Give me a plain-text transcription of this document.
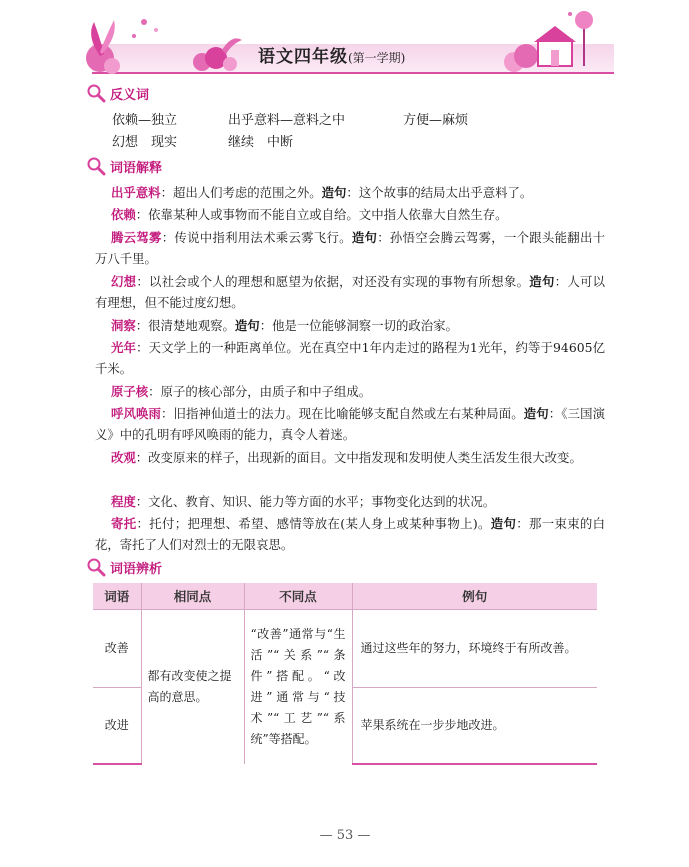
语文四年级(第一学期)
反义词
依赖—独立	出乎意料—意料之中	方便—麻烦
幻想　现实	继续　中断
词语解释
出乎意料：超出人们考虑的范围之外。造句：这个故事的结局太出乎意料了。
依赖：依靠某种人或事物而不能自立或自给。文中指人依靠大自然生存。
腾云驾雾：传说中指利用法术乘云雾飞行。造句：孙悟空会腾云驾雾，一个跟头能翻出十万八千里。
幻想：以社会或个人的理想和愿望为依据，对还没有实现的事物有所想象。造句：人可以有理想，但不能过度幻想。
洞察：很清楚地观察。造句：他是一位能够洞察一切的政治家。
光年：天文学上的一种距离单位。光在真空中1年内走过的路程为1光年，约等于94605亿千米。
原子核：原子的核心部分，由质子和中子组成。
呼风唤雨：旧指神仙道士的法力。现在比喻能够支配自然或左右某种局面。造句：《三国演义》中的孔明有呼风唤雨的能力，真令人着迷。
改观：改变原来的样子，出现新的面目。文中指发现和发明使人类生活发生很大改变。
程度：文化、教育、知识、能力等方面的水平；事物变化达到的状况。
寄托：托付；把理想、希望、感情等放在(某人身上或某种事物上)。造句：那一束束的白花，寄托了人们对烈士的无限哀思。
词语辨析
词语	相同点	不同点	例句
改善	都有改变使之提高的意思。	“改善”通常与“生活”“关系”“条件”搭配。“改进”通常与“技术”“工艺”“系统”等搭配。	通过这些年的努力，环境终于有所改善。
改进			苹果系统在一步步地改进。
— 53 —
